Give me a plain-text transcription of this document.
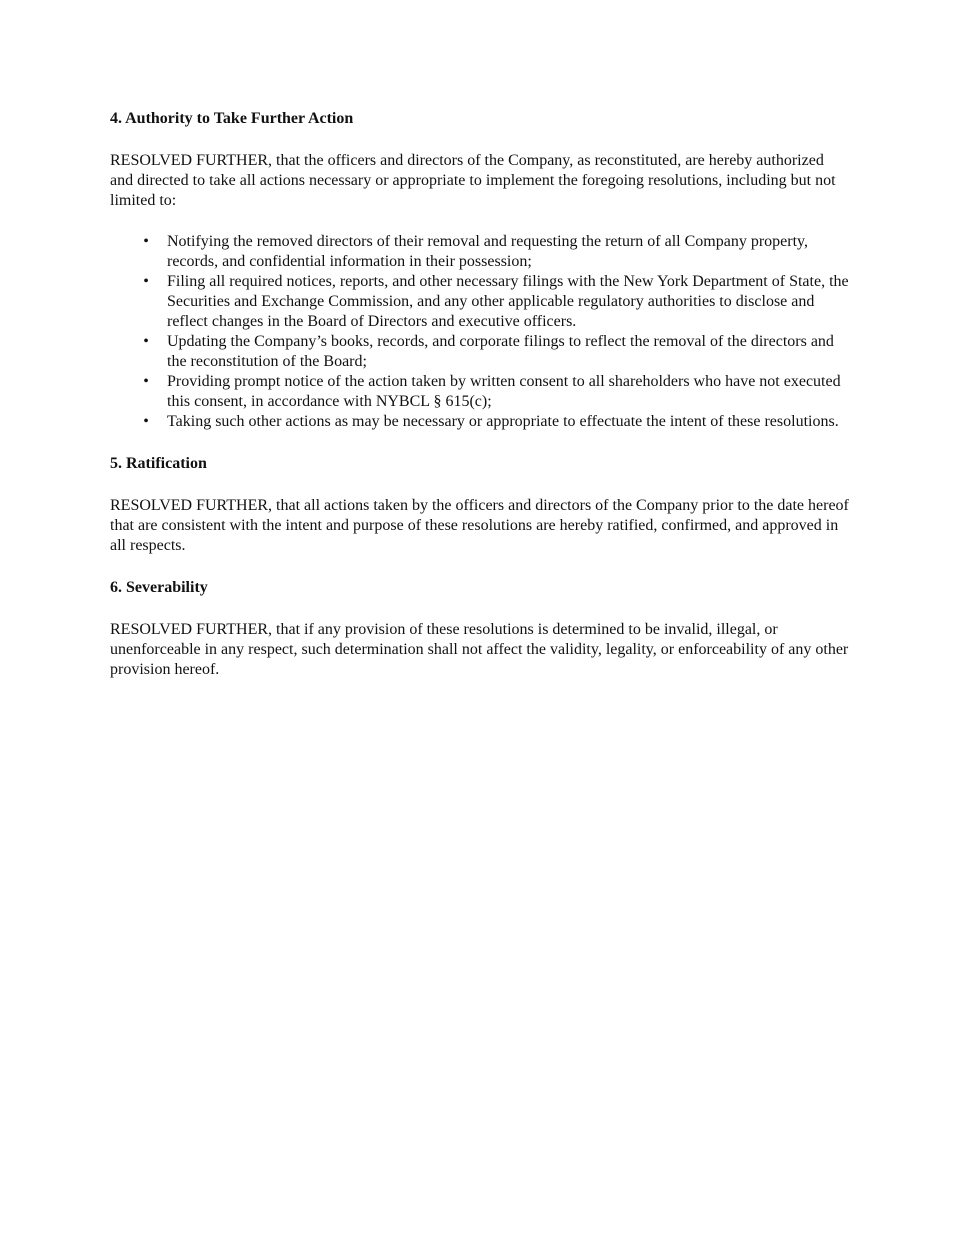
4. Authority to Take Further Action

RESOLVED FURTHER, that the officers and directors of the Company, as reconstituted, are hereby authorized and directed to take all actions necessary or appropriate to implement the foregoing resolutions, including but not limited to:

• Notifying the removed directors of their removal and requesting the return of all Company property, records, and confidential information in their possession;
• Filing all required notices, reports, and other necessary filings with the New York Department of State, the Securities and Exchange Commission, and any other applicable regulatory authorities to disclose and reflect changes in the Board of Directors and executive officers.
• Updating the Company’s books, records, and corporate filings to reflect the removal of the directors and the reconstitution of the Board;
• Providing prompt notice of the action taken by written consent to all shareholders who have not executed this consent, in accordance with NYBCL § 615(c);
• Taking such other actions as may be necessary or appropriate to effectuate the intent of these resolutions.
5. Ratification

RESOLVED FURTHER, that all actions taken by the officers and directors of the Company prior to the date hereof that are consistent with the intent and purpose of these resolutions are hereby ratified, confirmed, and approved in all respects.

6. Severability

RESOLVED FURTHER, that if any provision of these resolutions is determined to be invalid, illegal, or unenforceable in any respect, such determination shall not affect the validity, legality, or enforceability of any other provision hereof.
